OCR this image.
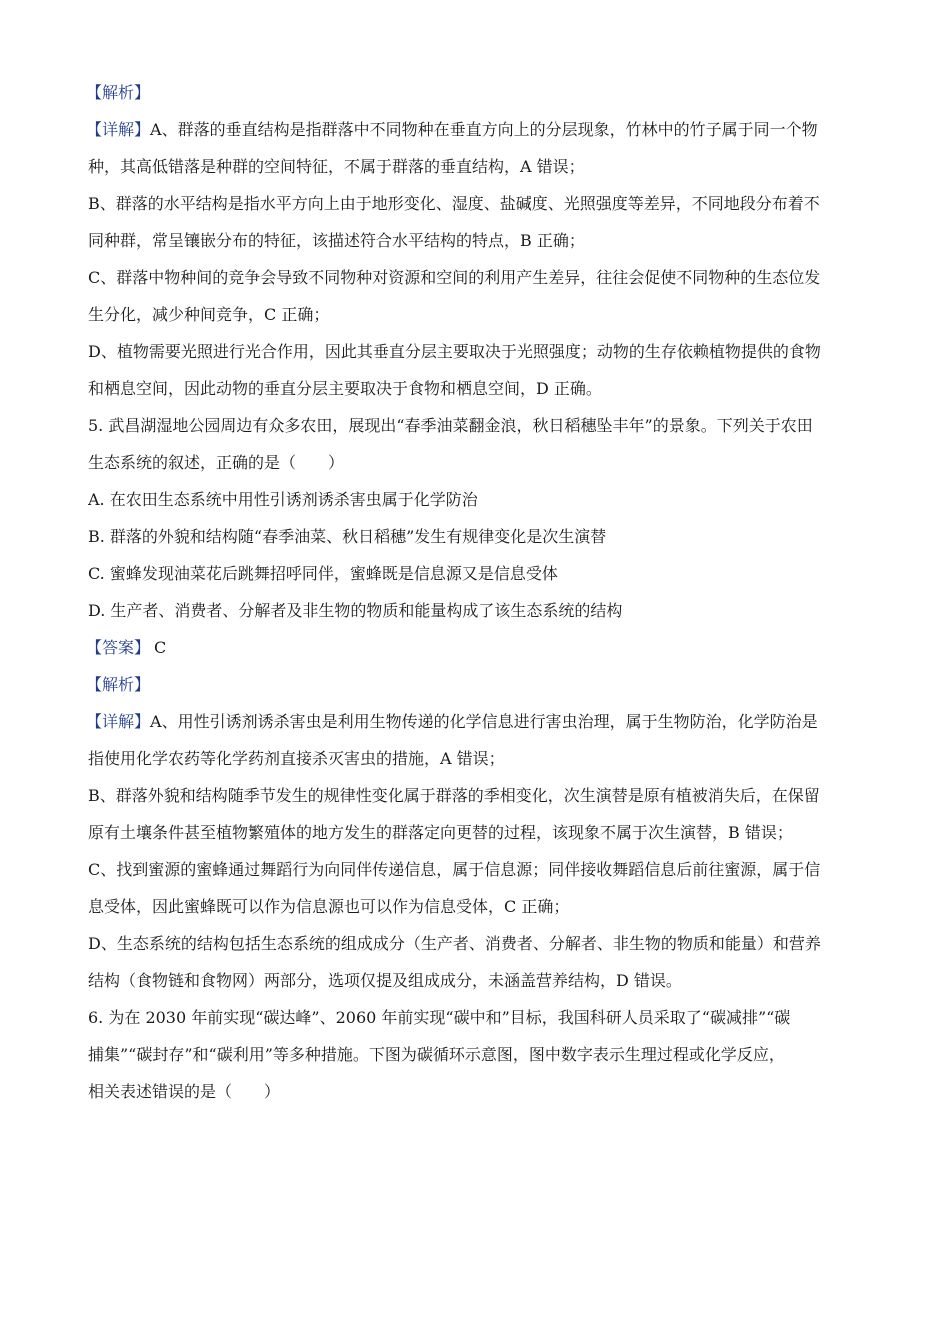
【解析】
【详解】A、群落的垂直结构是指群落中不同物种在垂直方向上的分层现象，竹林中的竹子属于同一个物
种，其高低错落是种群的空间特征，不属于群落的垂直结构，A 错误；
B、群落的水平结构是指水平方向上由于地形变化、湿度、盐碱度、光照强度等差异，不同地段分布着不
同种群，常呈镶嵌分布的特征，该描述符合水平结构的特点，B 正确；
C、群落中物种间的竞争会导致不同物种对资源和空间的利用产生差异，往往会促使不同物种的生态位发
生分化，减少种间竞争，C 正确；
D、植物需要光照进行光合作用，因此其垂直分层主要取决于光照强度；动物的生存依赖植物提供的食物
和栖息空间，因此动物的垂直分层主要取决于食物和栖息空间，D 正确。
5. 武昌湖湿地公园周边有众多农田，展现出“春季油菜翻金浪，秋日稻穗坠丰年”的景象。下列关于农田
生态系统的叙述，正确的是（　　）
A. 在农田生态系统中用性引诱剂诱杀害虫属于化学防治
B. 群落的外貌和结构随“春季油菜、秋日稻穗”发生有规律变化是次生演替
C. 蜜蜂发现油菜花后跳舞招呼同伴，蜜蜂既是信息源又是信息受体
D. 生产者、消费者、分解者及非生物的物质和能量构成了该生态系统的结构
【答案】 C
【解析】
【详解】A、用性引诱剂诱杀害虫是利用生物传递的化学信息进行害虫治理，属于生物防治，化学防治是
指使用化学农药等化学药剂直接杀灭害虫的措施，A 错误；
B、群落外貌和结构随季节发生的规律性变化属于群落的季相变化，次生演替是原有植被消失后，在保留
原有土壤条件甚至植物繁殖体的地方发生的群落定向更替的过程，该现象不属于次生演替，B 错误；
C、找到蜜源的蜜蜂通过舞蹈行为向同伴传递信息，属于信息源；同伴接收舞蹈信息后前往蜜源，属于信
息受体，因此蜜蜂既可以作为信息源也可以作为信息受体，C 正确；
D、生态系统的结构包括生态系统的组成成分（生产者、消费者、分解者、非生物的物质和能量）和营养
结构（食物链和食物网）两部分，选项仅提及组成成分，未涵盖营养结构，D 错误。
6. 为在 2030 年前实现“碳达峰”、2060 年前实现“碳中和”目标，我国科研人员采取了“碳减排”“碳
捕集”“碳封存”和“碳利用”等多种措施。下图为碳循环示意图，图中数字表示生理过程或化学反应，
相关表述错误的是（　　）
